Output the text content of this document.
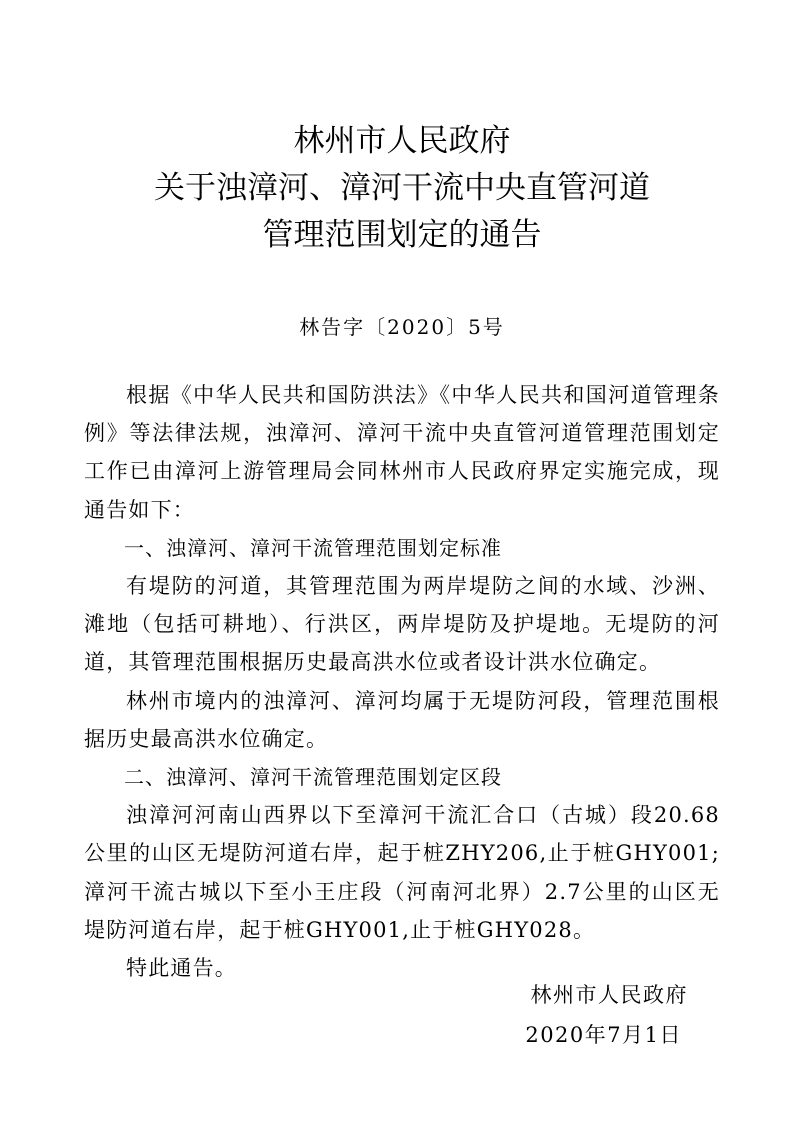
林州市人民政府
关于浊漳河、漳河干流中央直管河道
管理范围划定的通告
林告字〔2020〕5号

根据《中华人民共和国防洪法》《中华人民共和国河道管理条例》等法律法规，浊漳河、漳河干流中央直管河道管理范围划定工作已由漳河上游管理局会同林州市人民政府界定实施完成，现通告如下：

一、浊漳河、漳河干流管理范围划定标准

有堤防的河道，其管理范围为两岸堤防之间的水域、沙洲、滩地（包括可耕地）、行洪区，两岸堤防及护堤地。无堤防的河道，其管理范围根据历史最高洪水位或者设计洪水位确定。

林州市境内的浊漳河、漳河均属于无堤防河段，管理范围根据历史最高洪水位确定。

二、浊漳河、漳河干流管理范围划定区段

浊漳河河南山西界以下至漳河干流汇合口（古城）段20.68公里的山区无堤防河道右岸，起于桩ZHY206,止于桩GHY001;漳河干流古城以下至小王庄段（河南河北界）2.7公里的山区无堤防河道右岸，起于桩GHY001,止于桩GHY028。

特此通告。

林州市人民政府
2020年7月1日
